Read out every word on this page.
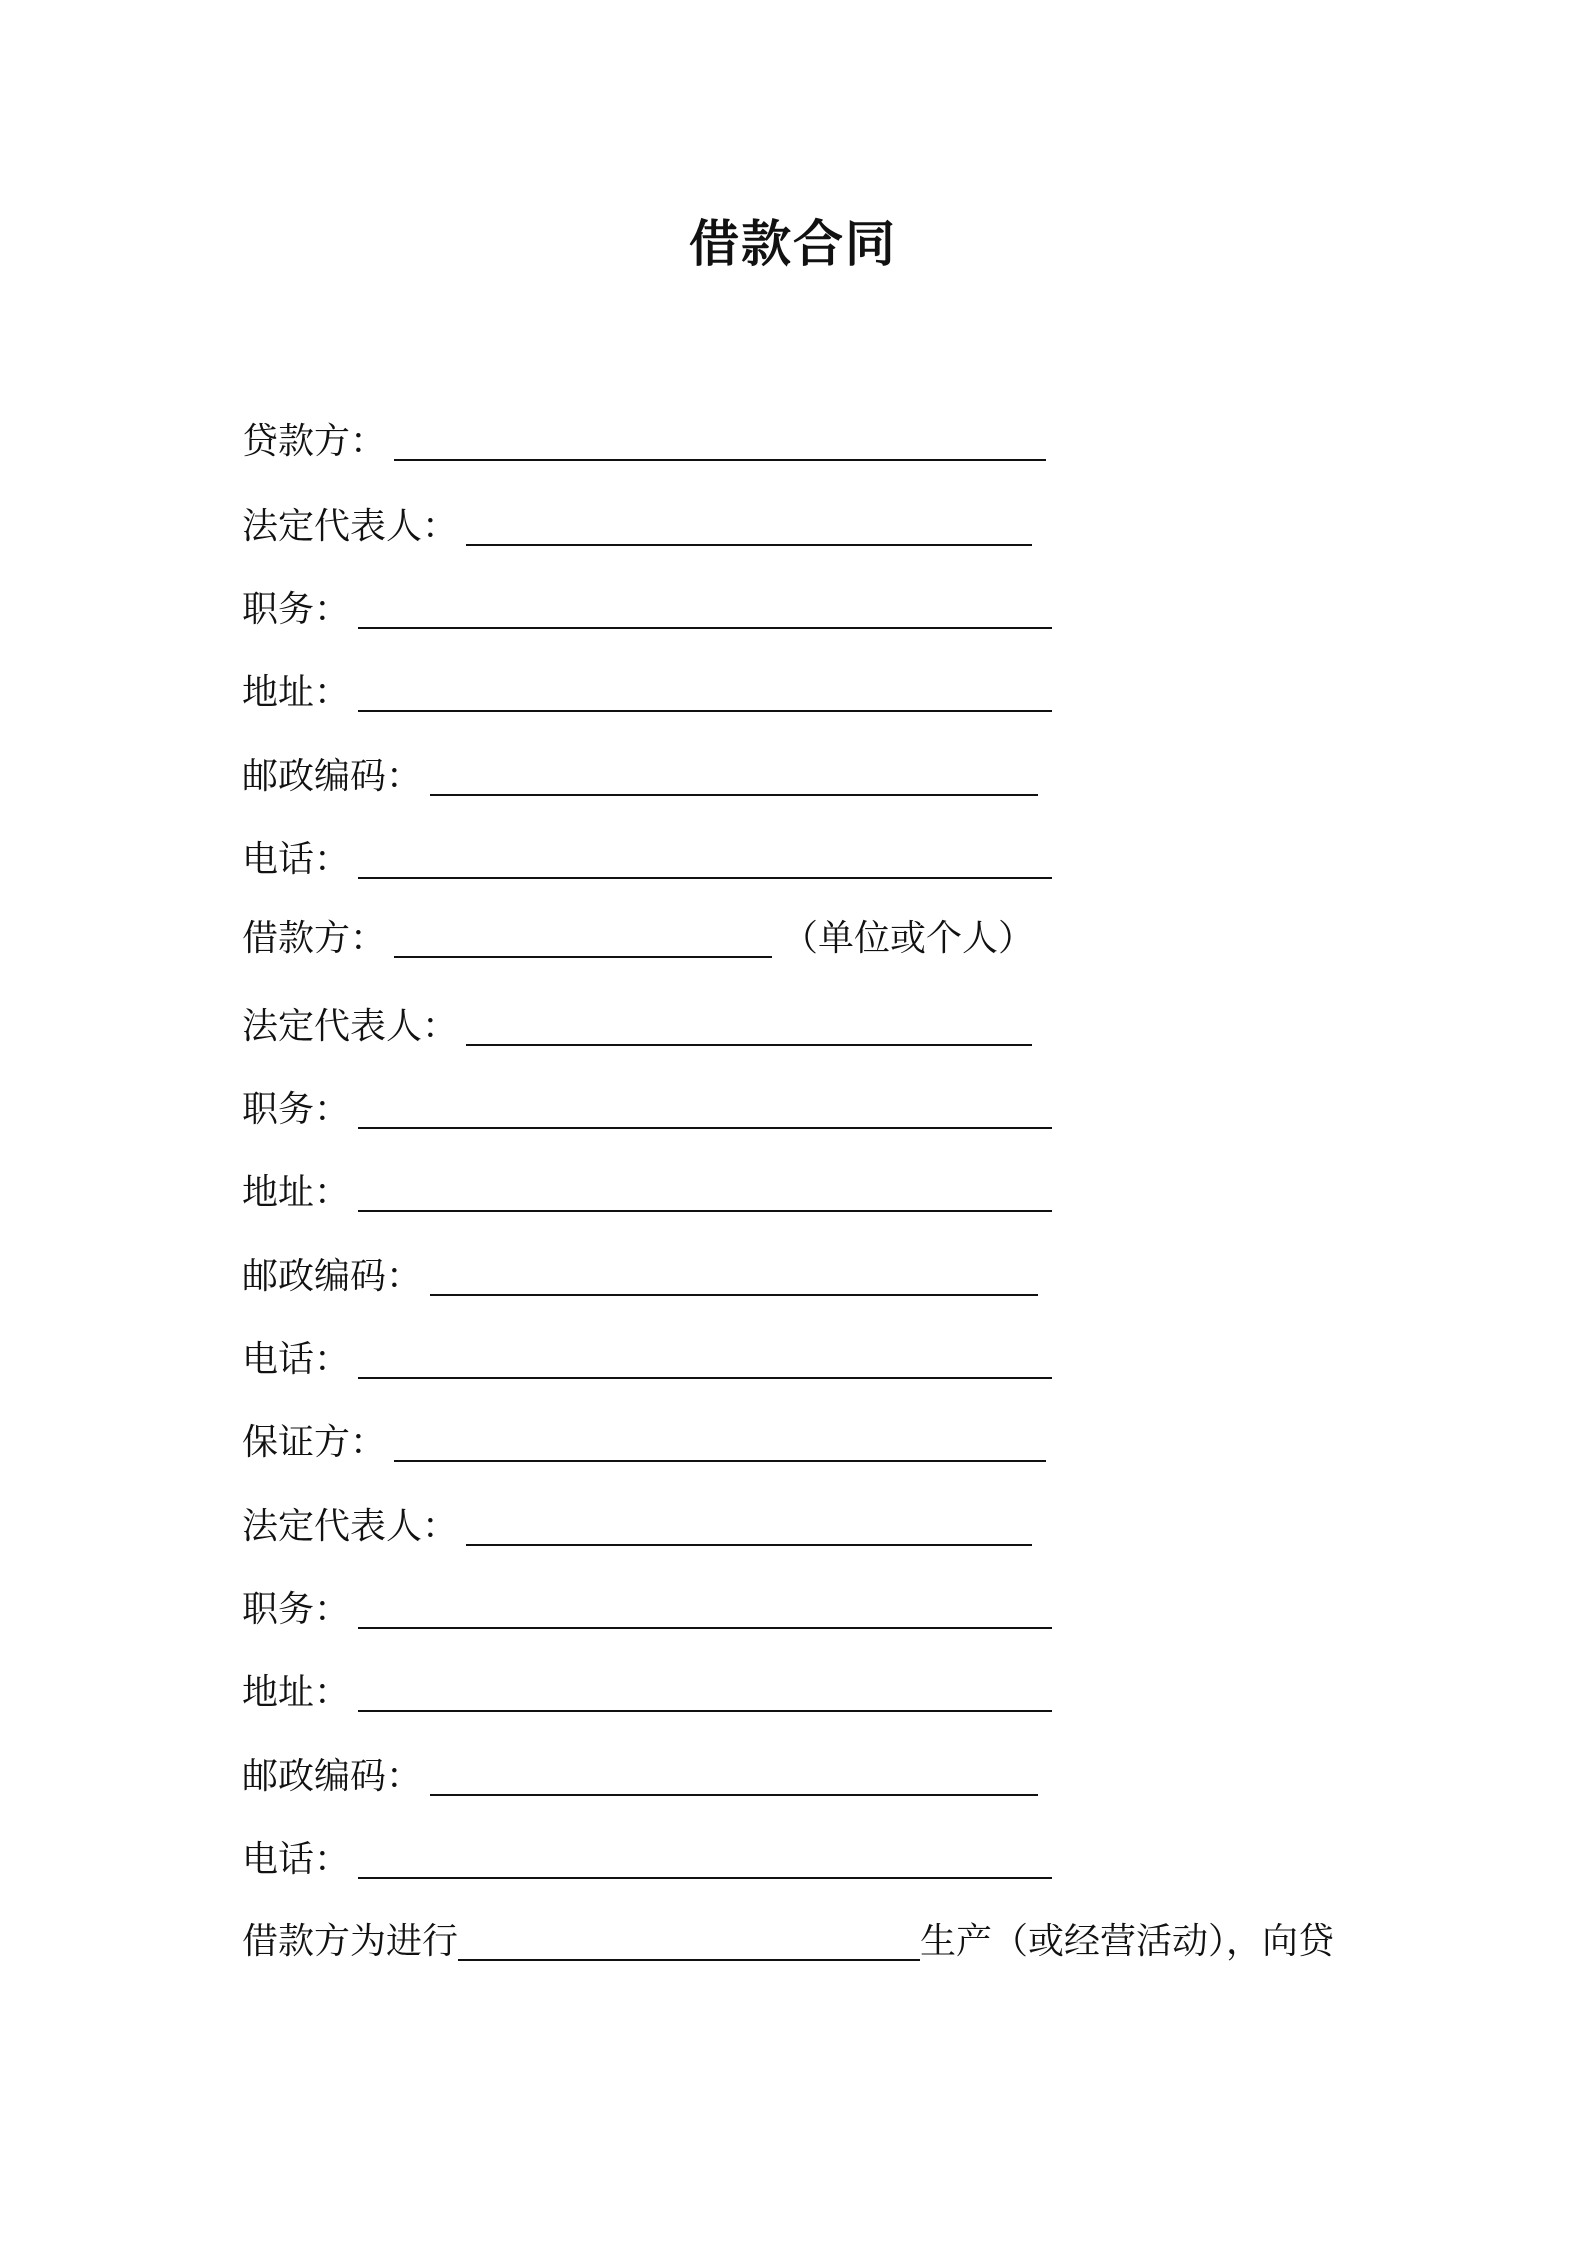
借款合同
贷款方：
法定代表人：
职务：
地址：
邮政编码：
电话：
借款方：	（单位或个人）
法定代表人：
职务：
地址：
邮政编码：
电话：
保证方：
法定代表人：
职务：
地址：
邮政编码：
电话：
借款方为进行	生产（或经营活动），向贷
